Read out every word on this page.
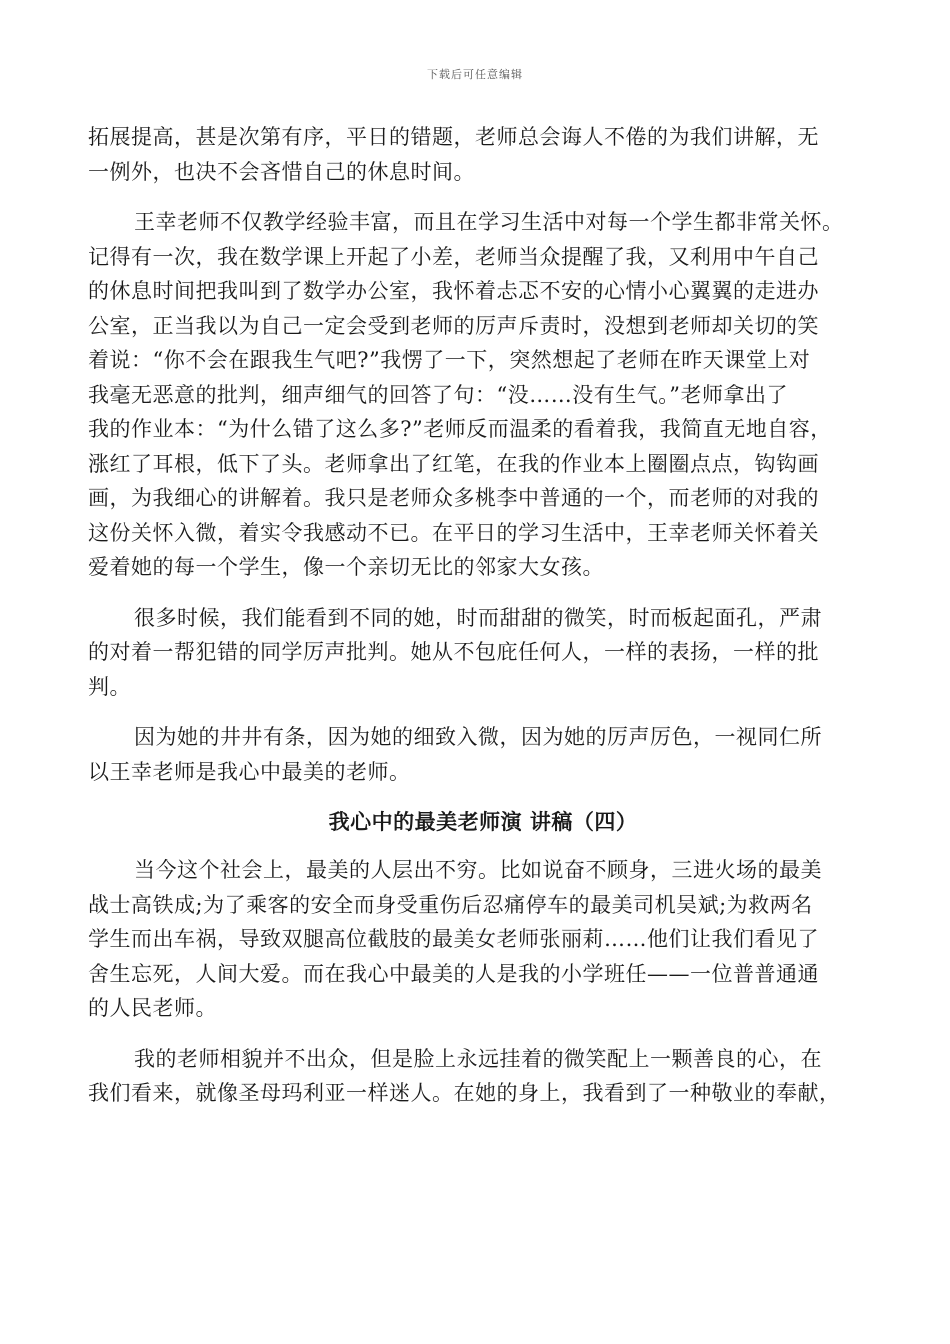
下载后可任意编辑

拓展提高，甚是次第有序，平日的错题，老师总会诲人不倦的为我们讲解，无
一例外，也决不会吝惜自己的休息时间。

王幸老师不仅教学经验丰富，而且在学习生活中对每一个学生都非常关怀。
记得有一次，我在数学课上开起了小差，老师当众提醒了我，又利用中午自己
的休息时间把我叫到了数学办公室，我怀着忐忑不安的心情小心翼翼的走进办
公室，正当我以为自己一定会受到老师的厉声斥责时，没想到老师却关切的笑
着说：“你不会在跟我生气吧?”我愣了一下，突然想起了老师在昨天课堂上对
我毫无恶意的批判，细声细气的回答了句：“没……没有生气。”老师拿出了
我的作业本：“为什么错了这么多?”老师反而温柔的看着我，我简直无地自容，
涨红了耳根，低下了头。老师拿出了红笔，在我的作业本上圈圈点点，钩钩画
画，为我细心的讲解着。我只是老师众多桃李中普通的一个，而老师的对我的
这份关怀入微，着实令我感动不已。在平日的学习生活中，王幸老师关怀着关
爱着她的每一个学生，像一个亲切无比的邻家大女孩。

很多时候，我们能看到不同的她，时而甜甜的微笑，时而板起面孔，严肃
的对着一帮犯错的同学厉声批判。她从不包庇任何人，一样的表扬，一样的批
判。

因为她的井井有条，因为她的细致入微，因为她的厉声厉色，一视同仁所
以王幸老师是我心中最美的老师。

我心中的最美老师演 讲稿（四）

当今这个社会上，最美的人层出不穷。比如说奋不顾身，三进火场的最美
战士高铁成;为了乘客的安全而身受重伤后忍痛停车的最美司机吴斌;为救两名
学生而出车祸，导致双腿高位截肢的最美女老师张丽莉……他们让我们看见了
舍生忘死，人间大爱。而在我心中最美的人是我的小学班任——一位普普通通
的人民老师。

我的老师相貌并不出众，但是脸上永远挂着的微笑配上一颗善良的心，在
我们看来，就像圣母玛利亚一样迷人。在她的身上，我看到了一种敬业的奉献，
